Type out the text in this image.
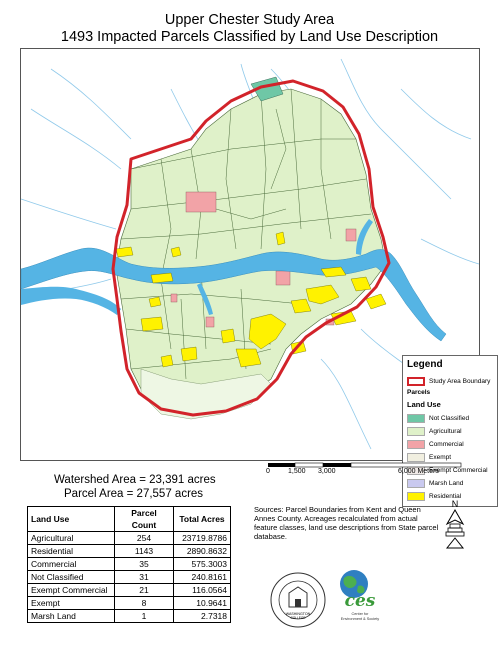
Upper Chester Study Area
1493 Impacted Parcels Classified by Land Use Description
Legend
Study Area Boundary
Parcels
Land Use
Not Classified
Agricultural
Commercial
Exempt
Exempt Commercial
Marsh Land
Residential
Watershed Area = 23,391 acres
Parcel Area = 27,557 acres
0	1,500 3,000	6,000 Meters
Land Use	Parcel Count	Total Acres
Agricultural	254	23719.8786
Residential	1143	2890.8632
Commercial	35	575.3003
Not Classified	31	240.8161
Exempt Commercial	21	116.0564
Exempt	8	10.9641
Marsh Land	1	2.7318
Sources: Parcel Boundaries from Kent and Queen Annes County. Acreages recalculated from actual feature classes, land use descriptions from State parcel database.
N
WASHINGTON
COLLEGE
ces
Center for
Environment & Society
